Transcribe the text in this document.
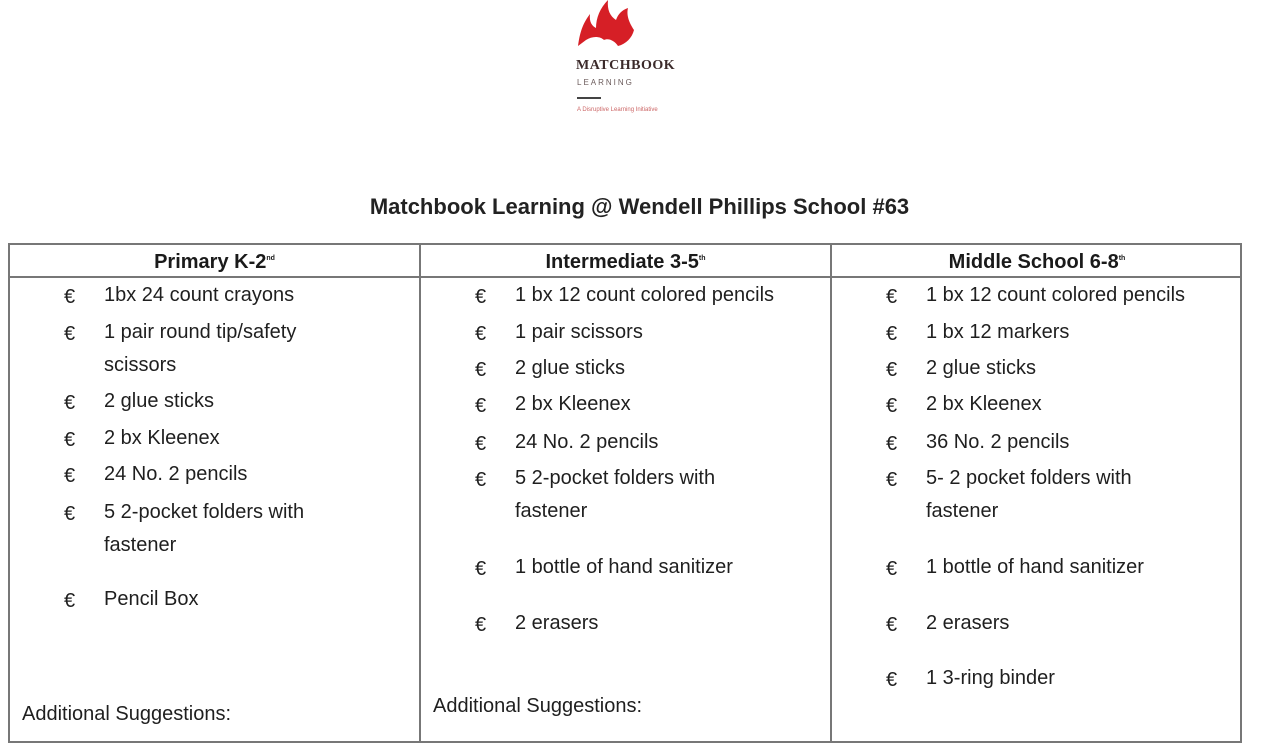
MATCHBOOK
LEARNING
A Disruptive Learning Initiative
Matchbook Learning @ Wendell Phillips School #63
Primary K-2nd
€ 1bx 24 count crayons
€ 1 pair round tip/safety
scissors
€ 2 glue sticks
€ 2 bx Kleenex
€ 24 No. 2 pencils
€ 5 2-pocket folders with
fastener
€ Pencil Box
Additional Suggestions:
Intermediate 3-5th
€ 1 bx 12 count colored pencils
€ 1 pair scissors
€ 2 glue sticks
€ 2 bx Kleenex
€ 24 No. 2 pencils
€ 5 2-pocket folders with
fastener
€ 1 bottle of hand sanitizer
€ 2 erasers
Additional Suggestions:
Middle School 6-8th
€ 1 bx 12 count colored pencils
€ 1 bx 12 markers
€ 2 glue sticks
€ 2 bx Kleenex
€ 36 No. 2 pencils
€ 5- 2 pocket folders with
fastener
€ 1 bottle of hand sanitizer
€ 2 erasers
€ 1 3-ring binder
